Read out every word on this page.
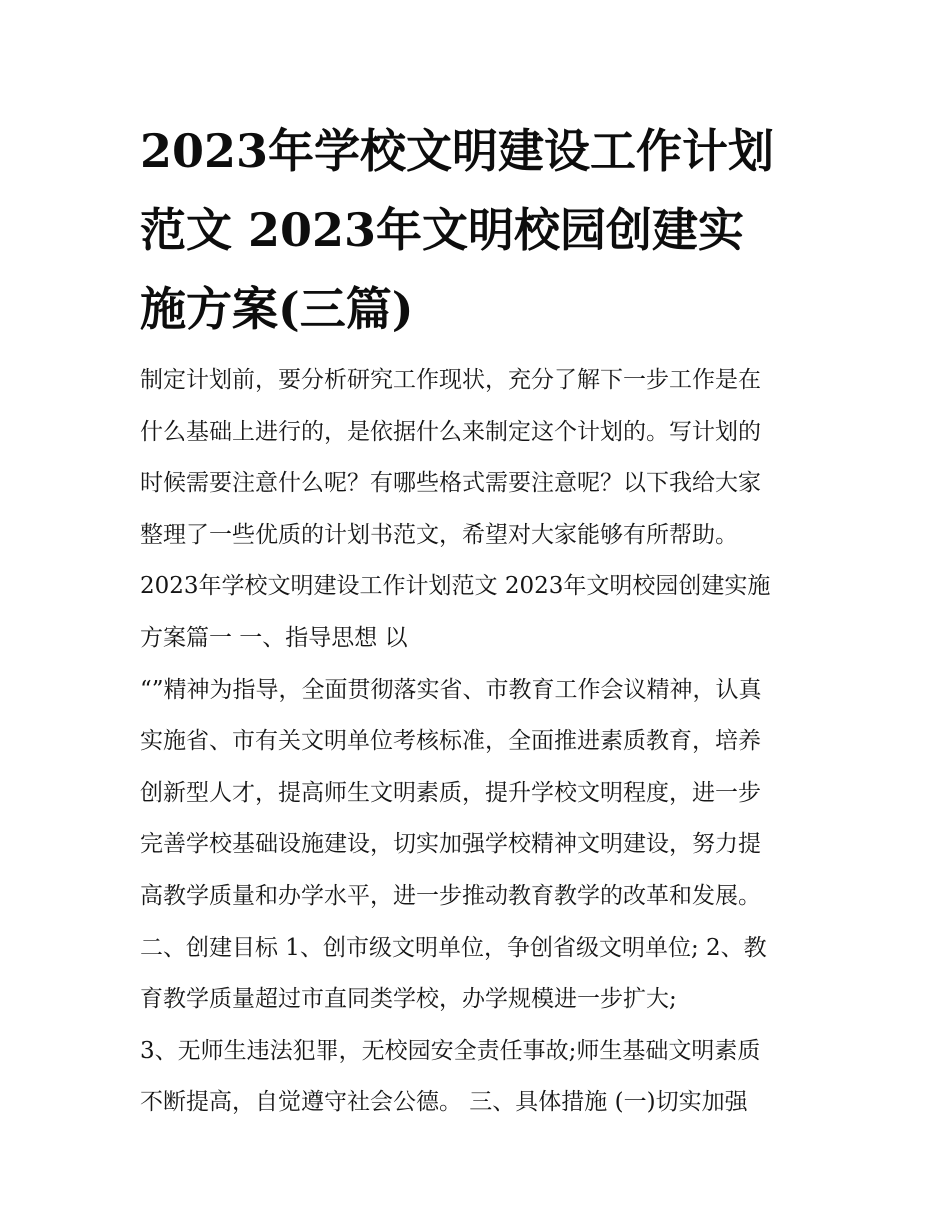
2023年学校文明建设工作计划
范文 2023年文明校园创建实
施方案(三篇)
制定计划前，要分析研究工作现状，充分了解下一步工作是在
什么基础上进行的，是依据什么来制定这个计划的。写计划的
时候需要注意什么呢？有哪些格式需要注意呢？以下我给大家
整理了一些优质的计划书范文，希望对大家能够有所帮助。
2023年学校文明建设工作计划范文 2023年文明校园创建实施
方案篇一 一、指导思想 以
“”精神为指导，全面贯彻落实省、市教育工作会议精神，认真
实施省、市有关文明单位考核标准，全面推进素质教育，培养
创新型人才，提高师生文明素质，提升学校文明程度，进一步
完善学校基础设施建设，切实加强学校精神文明建设，努力提
高教学质量和办学水平，进一步推动教育教学的改革和发展。
二、创建目标 1、创市级文明单位，争创省级文明单位; 2、教
育教学质量超过市直同类学校，办学规模进一步扩大;
3、无师生违法犯罪，无校园安全责任事故;师生基础文明素质
不断提高，自觉遵守社会公德。 三、具体措施 (一)切实加强
